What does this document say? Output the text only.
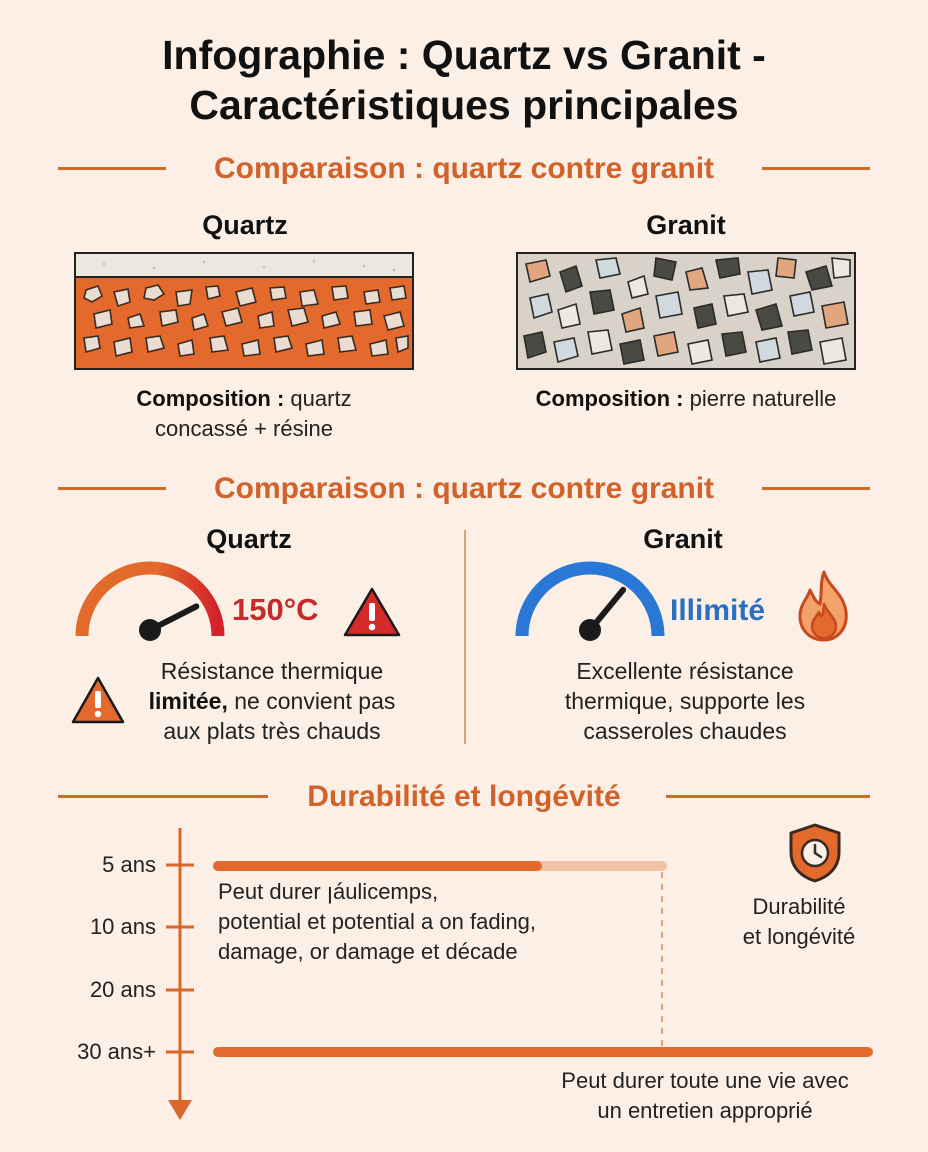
Infographie : Quartz vs Granit -
Caractéristiques principales
Comparaison : quartz contre granit
Quartz	Granit
Composition : quartz
concassé + résine
Composition : pierre naturelle
Comparaison : quartz contre granit
Quartz	Granit
150°C	Illimité
Résistance thermique
limitée, ne convient pas
aux plats très chauds
Excellente résistance
thermique, supporte les
casseroles chaudes
Durabilité et longévité
5 ans
10 ans
20 ans
30 ans+
Peut durer ꞁáulicemps,
potential et potential a on fading,
damage, or damage et décade
Durabilité
et longévité
Peut durer toute une vie avec
un entretien approprié
